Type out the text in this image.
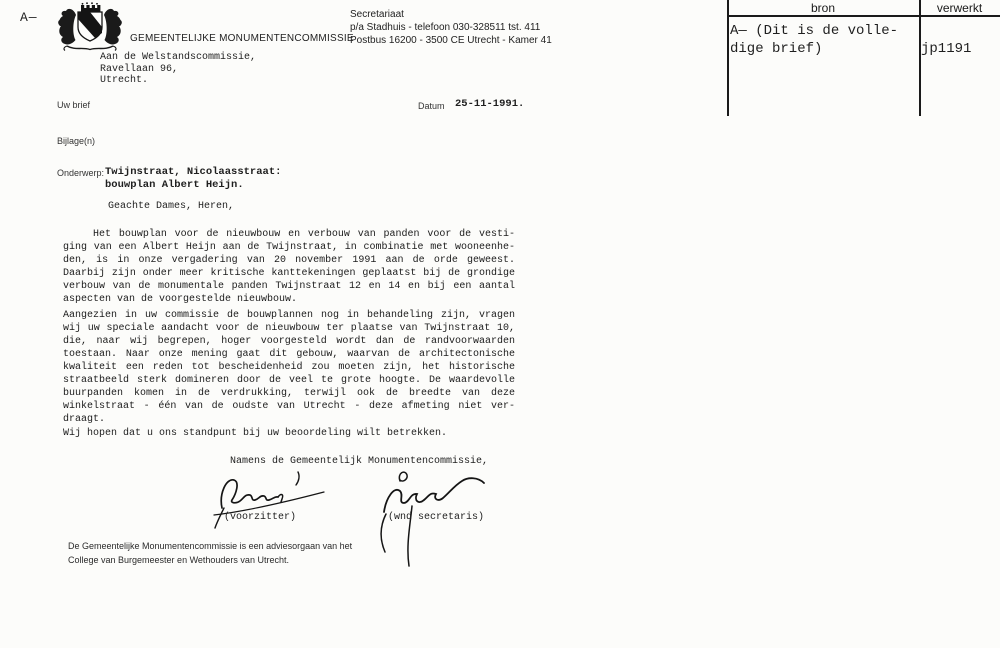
A—
GEMEENTELIJKE MONUMENTENCOMMISSIE
Secretariaat
p/a Stadhuis - telefoon 030-328511 tst. 411
Postbus 16200 - 3500 CE Utrecht - Kamer 41
Aan de Welstandscommissie,
Ravellaan 96,
Utrecht.
Uw brief	Datum 25-11-1991.
Bijlage(n)
Onderwerp: Twijnstraat, Nicolaasstraat:
bouwplan Albert Heijn.
Geachte Dames, Heren,
Het bouwplan voor de nieuwbouw en verbouw van panden voor de vesti-
ging van een Albert Heijn aan de Twijnstraat, in combinatie met wooneenhe-
den, is in onze vergadering van 20 november 1991 aan de orde geweest.
Daarbij zijn onder meer kritische kanttekeningen geplaatst bij de grondige
verbouw van de monumentale panden Twijnstraat 12 en 14 en bij een aantal
aspecten van de voorgestelde nieuwbouw.
Aangezien in uw commissie de bouwplannen nog in behandeling zijn, vragen
wij uw speciale aandacht voor de nieuwbouw ter plaatse van Twijnstraat 10,
die, naar wij begrepen, hoger voorgesteld wordt dan de randvoorwaarden
toestaan. Naar onze mening gaat dit gebouw, waarvan de architectonische
kwaliteit een reden tot bescheidenheid zou moeten zijn, het historische
straatbeeld sterk domineren door de veel te grote hoogte. De waardevolle
buurpanden komen in de verdrukking, terwijl ook de breedte van deze
winkelstraat - één van de oudste van Utrecht - deze afmeting niet ver-
draagt.
Wij hopen dat u ons standpunt bij uw beoordeling wilt betrekken.
Namens de Gemeentelijk Monumentencommissie,
(voorzitter)	(wnd secretaris)
De Gemeentelijke Monumentencommissie is een adviesorgaan van het
College van Burgemeester en Wethouders van Utrecht.
bron	verwerkt
A— (Dit is de volle-
dige brief)	jp1191
